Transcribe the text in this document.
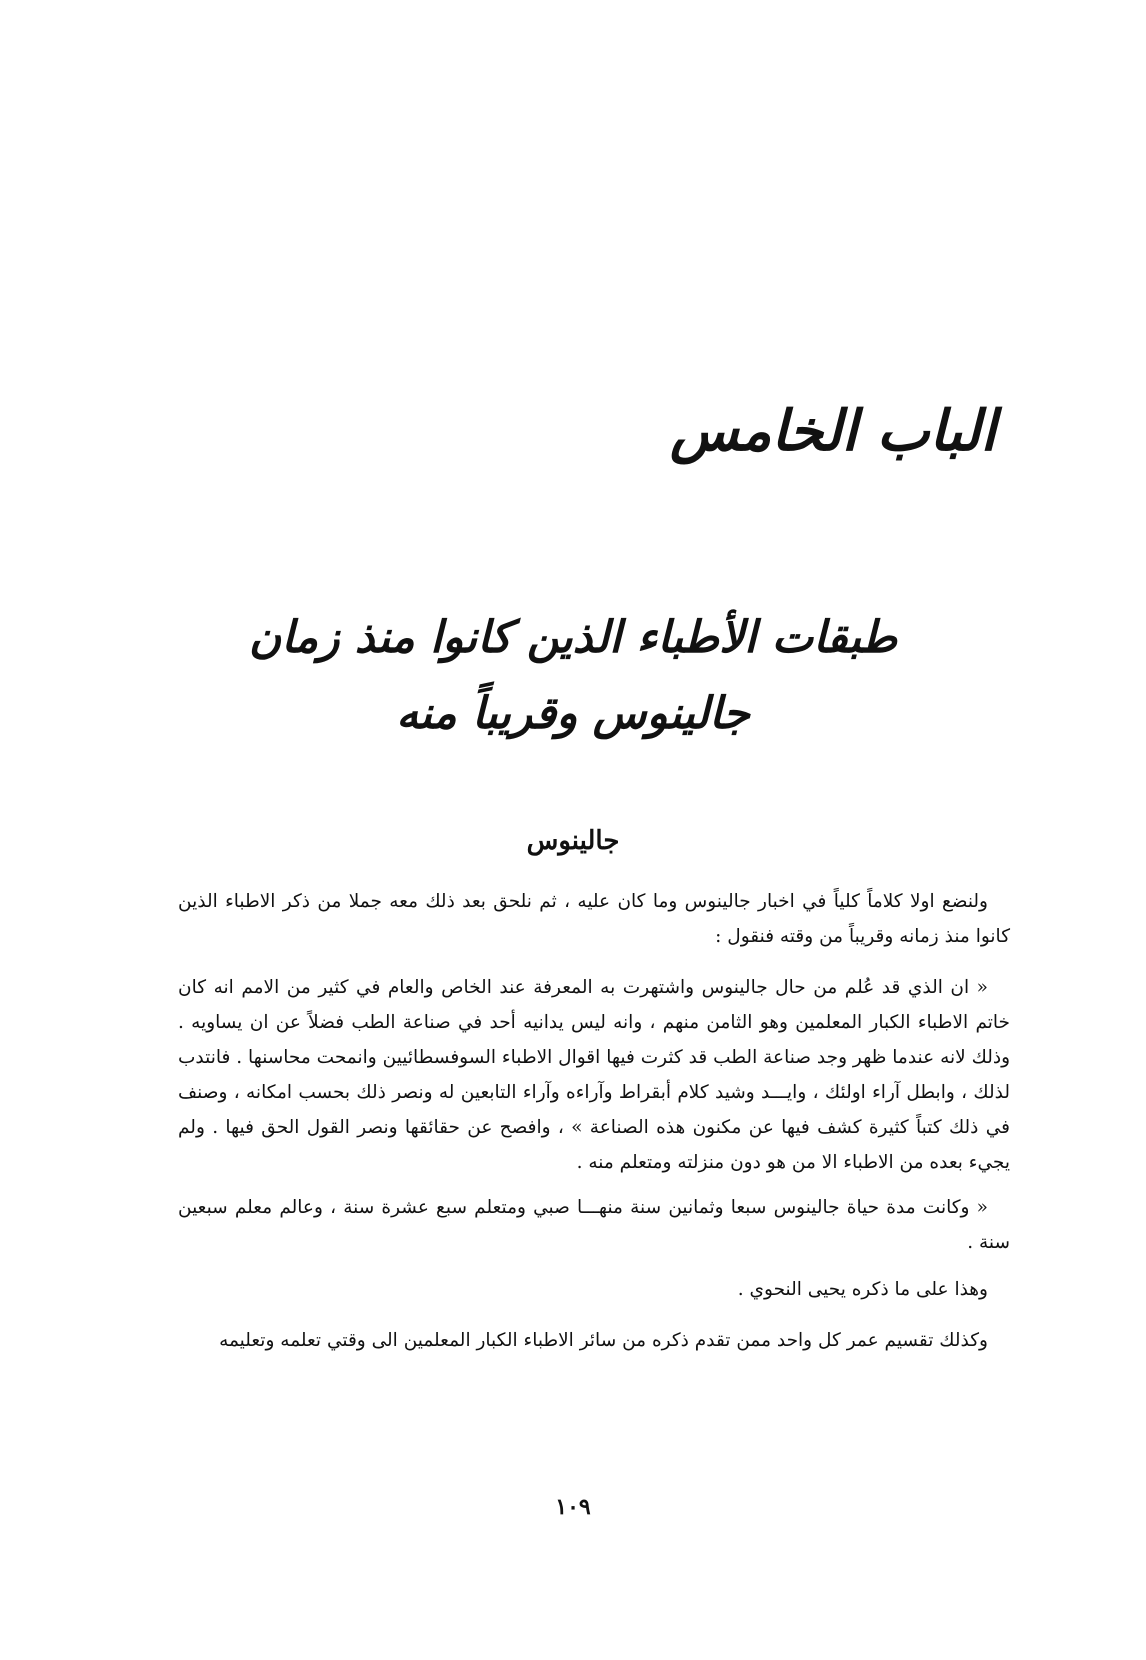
الباب الخامس
طبقات الأطباء الذين كانوا منذ زمان
جالينوس وقريباً منه
جالينوس

ولنضع اولا كلاماً كلياً في اخبار جالينوس وما كان عليه ، ثم نلحق بعد ذلك معه جملا من ذكر الاطباء الذين كانوا منذ زمانه وقريباً من وقته فنقول :

« ان الذي قد عُلم من حال جالينوس واشتهرت به المعرفة عند الخاص والعام في كثير من الامم انه كان خاتم الاطباء الكبار المعلمين وهو الثامن منهم ، وانه ليس يدانيه أحد في صناعة الطب فضلاً عن ان يساويه . وذلك لانه عندما ظهر وجد صناعة الطب قد كثرت فيها اقوال الاطباء السوفسطائيين وانمحت محاسنها . فانتدب لذلك ، وابطل آراء اولئك ، وايـــد وشيد كلام أبقراط وآراءه وآراء التابعين له ونصر ذلك بحسب امكانه ، وصنف في ذلك كتباً كثيرة كشف فيها عن مكنون هذه الصناعة » ، وافصح عن حقائقها ونصر القول الحق فيها . ولم يجيء بعده من الاطباء الا من هو دون منزلته ومتعلم منه .

« وكانت مدة حياة جالينوس سبعا وثمانين سنة منهـــا صبي ومتعلم سبع عشرة سنة ، وعالم معلم سبعين سنة .

وهذا على ما ذكره يحيى النحوي .

وكذلك تقسيم عمر كل واحد ممن تقدم ذكره من سائر الاطباء الكبار المعلمين الى وقتي تعلمه وتعليمه

١٠٩
